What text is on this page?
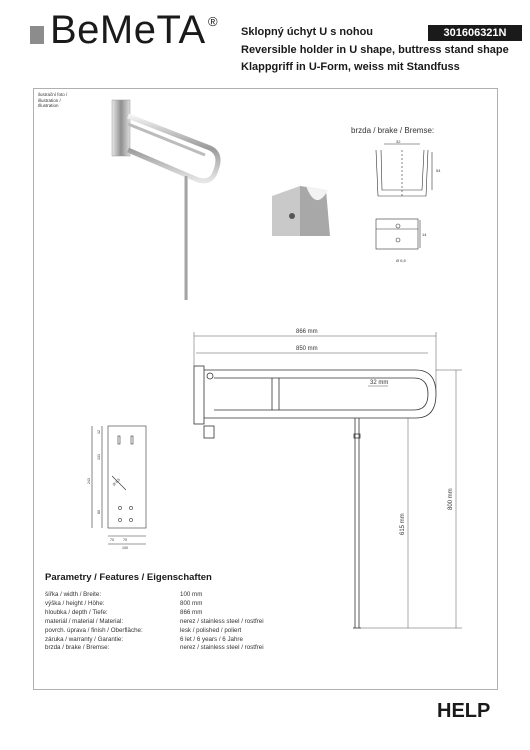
BeMeTA ®
Sklopný úchyt U s nohou
Reversible holder in U shape, buttress stand shape
Klappgriff in U-Form, weiss mit Standfuss
301606321N
ilustrační foto /
illustration /
Illustration
brzda / brake / Bremse:
32
54
14
Ø 6,5
866 mm
850 mm
32 mm
800 mm
615 mm
12
131
243
80
70	70
100
Ø 6,5
Parametry / Features / Eigenschaften
šířka / width / Breite:	100 mm
výška / height / Höhe:	800 mm
hloubka / depth / Tiefe:	866 mm
materiál / material / Material:	nerez / stainless steel / rostfrei
povrch. úprava / finish / Oberfläche:	lesk / polished / poliert
záruka / warranty / Garantie:	6 let / 6 years / 6 Jahre
brzda / brake / Bremse:	nerez / stainless steel / rostfrei
HELP
